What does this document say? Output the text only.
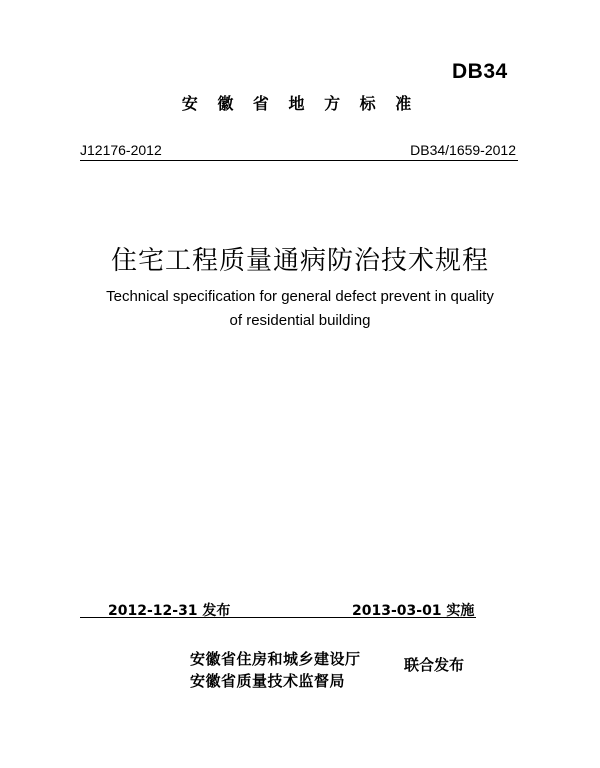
DB34
安 徽 省 地 方 标 准
J12176-2012	DB34/1659-2012
住宅工程质量通病防治技术规程
Technical specification for general defect prevent in quality
of residential building
2012-12-31 发布	2013-03-01 实施
安徽省住房和城乡建设厅
安徽省质量技术监督局
联合发布
